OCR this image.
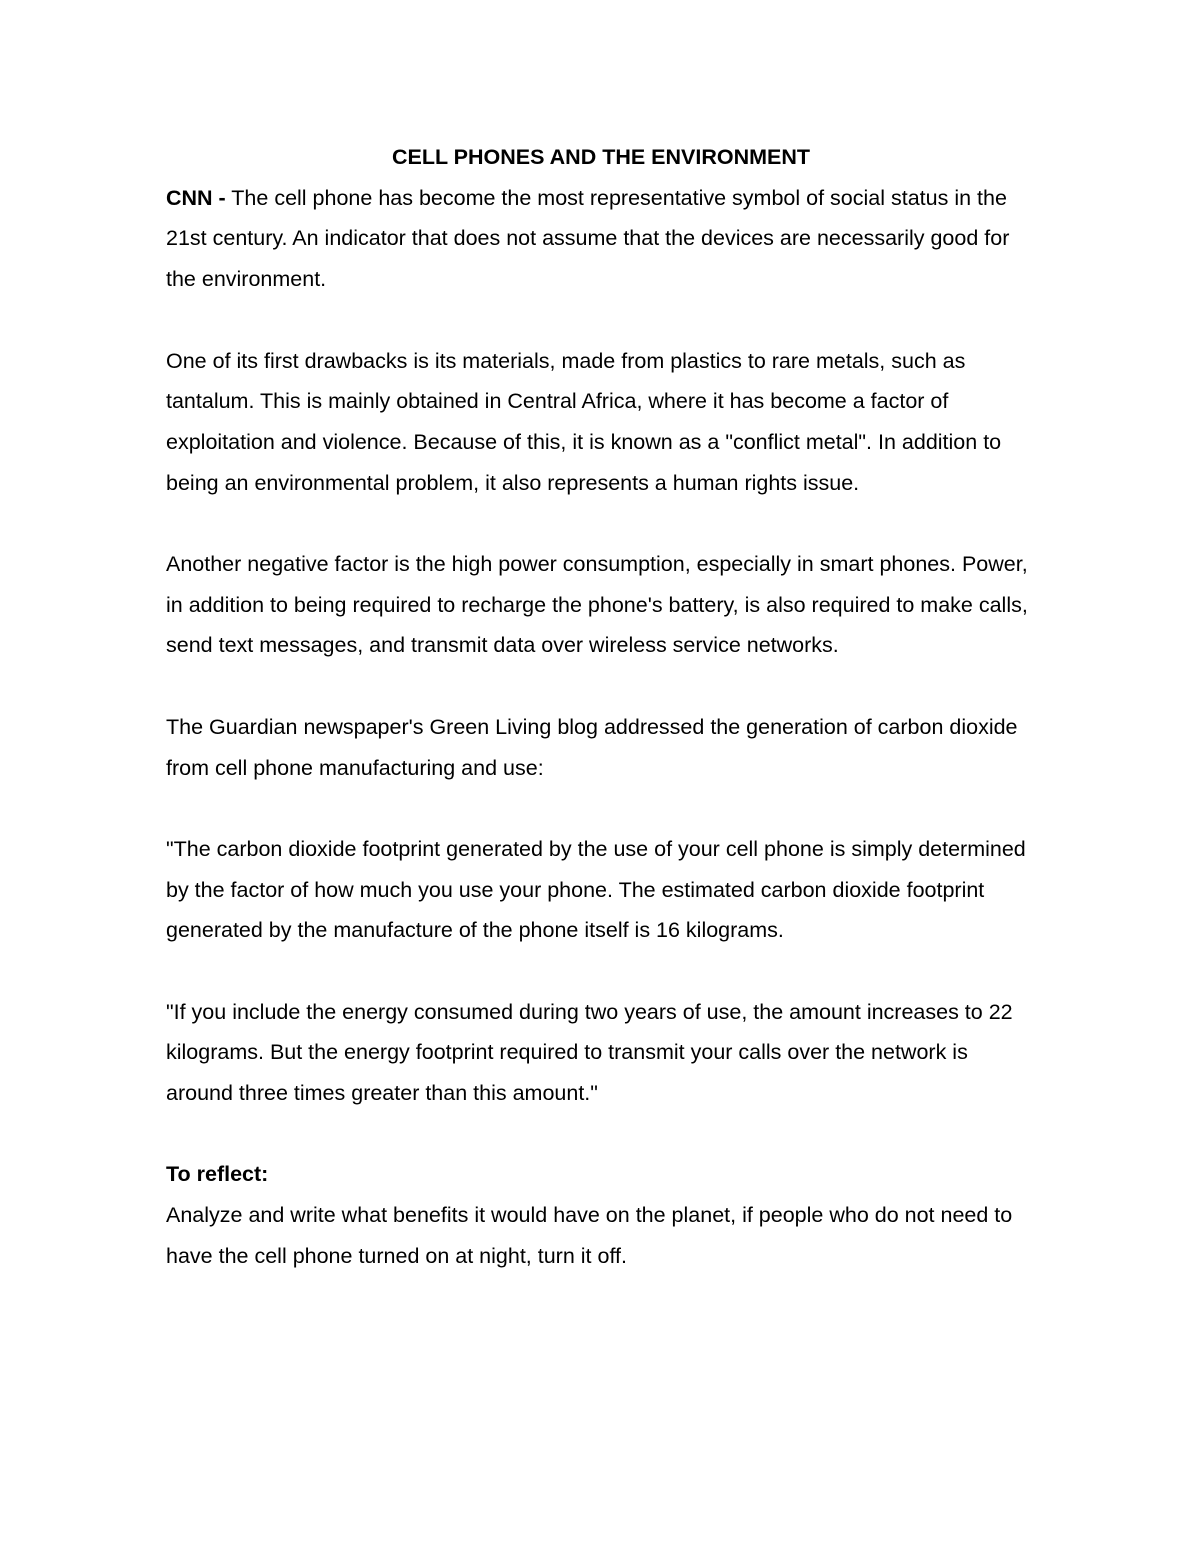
CELL PHONES AND THE ENVIRONMENT

CNN - The cell phone has become the most representative symbol of social status in the 21st century. An indicator that does not assume that the devices are necessarily good for the environment.

One of its first drawbacks is its materials, made from plastics to rare metals, such as tantalum. This is mainly obtained in Central Africa, where it has become a factor of exploitation and violence. Because of this, it is known as a "conflict metal". In addition to being an environmental problem, it also represents a human rights issue.

Another negative factor is the high power consumption, especially in smart phones. Power, in addition to being required to recharge the phone's battery, is also required to make calls, send text messages, and transmit data over wireless service networks.

The Guardian newspaper's Green Living blog addressed the generation of carbon dioxide from cell phone manufacturing and use:

"The carbon dioxide footprint generated by the use of your cell phone is simply determined by the factor of how much you use your phone. The estimated carbon dioxide footprint generated by the manufacture of the phone itself is 16 kilograms.

"If you include the energy consumed during two years of use, the amount increases to 22 kilograms. But the energy footprint required to transmit your calls over the network is around three times greater than this amount."

To reflect:

Analyze and write what benefits it would have on the planet, if people who do not need to have the cell phone turned on at night, turn it off.
